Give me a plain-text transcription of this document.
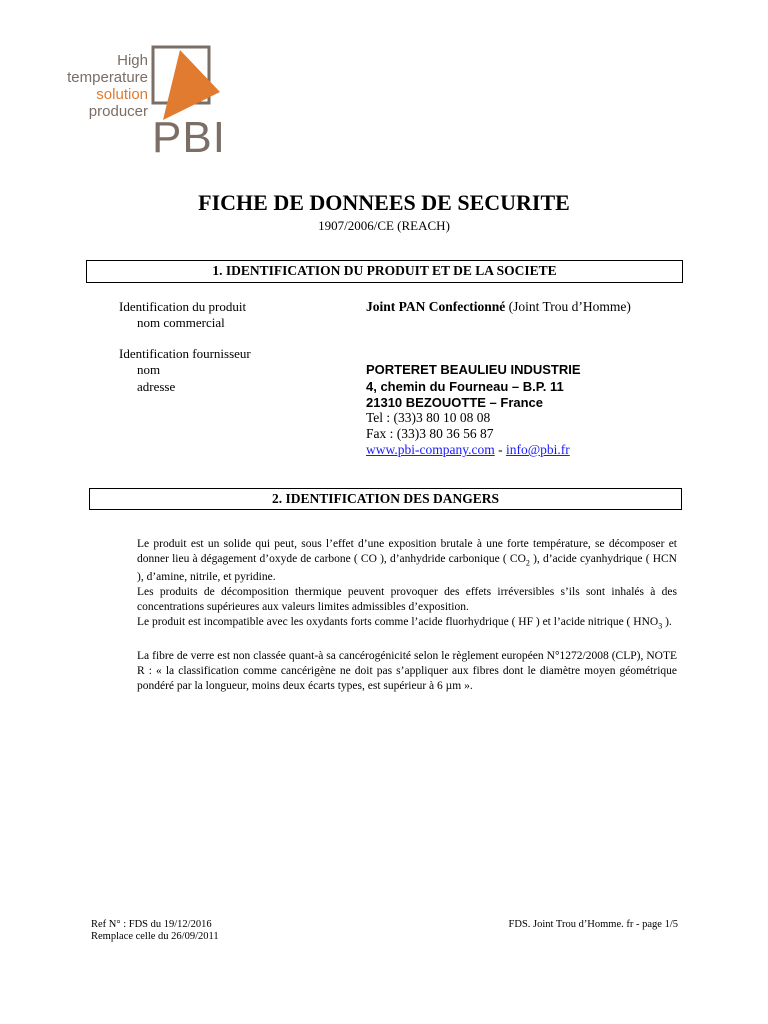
High
temperature
solution
producer
PBI
FICHE DE DONNEES DE SECURITE
1907/2006/CE (REACH)
1. IDENTIFICATION DU PRODUIT ET DE LA SOCIETE
Identification du produit
nom commercial
Joint PAN Confectionné (Joint Trou d’Homme)
Identification fournisseur
nom
adresse
PORTERET BEAULIEU INDUSTRIE
4, chemin du Fourneau – B.P. 11
21310 BEZOUOTTE – France
Tel : (33)3 80 10 08 08
Fax : (33)3 80 36 56 87
www.pbi-company.com - info@pbi.fr
2. IDENTIFICATION DES DANGERS

Le produit est un solide qui peut, sous l’effet d’une exposition brutale à une forte température, se décomposer et donner lieu à dégagement d’oxyde de carbone ( CO ), d’anhydride carbonique ( $CO_2$ ), d’acide cyanhydrique ( HCN ), d’amine, nitrile, et pyridine.

Les produits de décomposition thermique peuvent provoquer des effets irréversibles s’ils sont inhalés à des concentrations supérieures aux valeurs limites admissibles d’exposition.

Le produit est incompatible avec les oxydants forts comme l’acide fluorhydrique ( HF ) et l’acide nitrique ( $HNO_3$ ).

La fibre de verre est non classée quant-à sa cancérogénicité selon le règlement européen N°1272/2008 (CLP), NOTE R : « la classification comme cancérigène ne doit pas s’appliquer aux fibres dont le diamètre moyen géométrique pondéré par la longueur, moins deux écarts types, est supérieur à 6 µm ».

Ref N° : FDS du 19/12/2016
Remplace celle du 26/09/2011
FDS. Joint Trou d’Homme. fr - page 1/5
